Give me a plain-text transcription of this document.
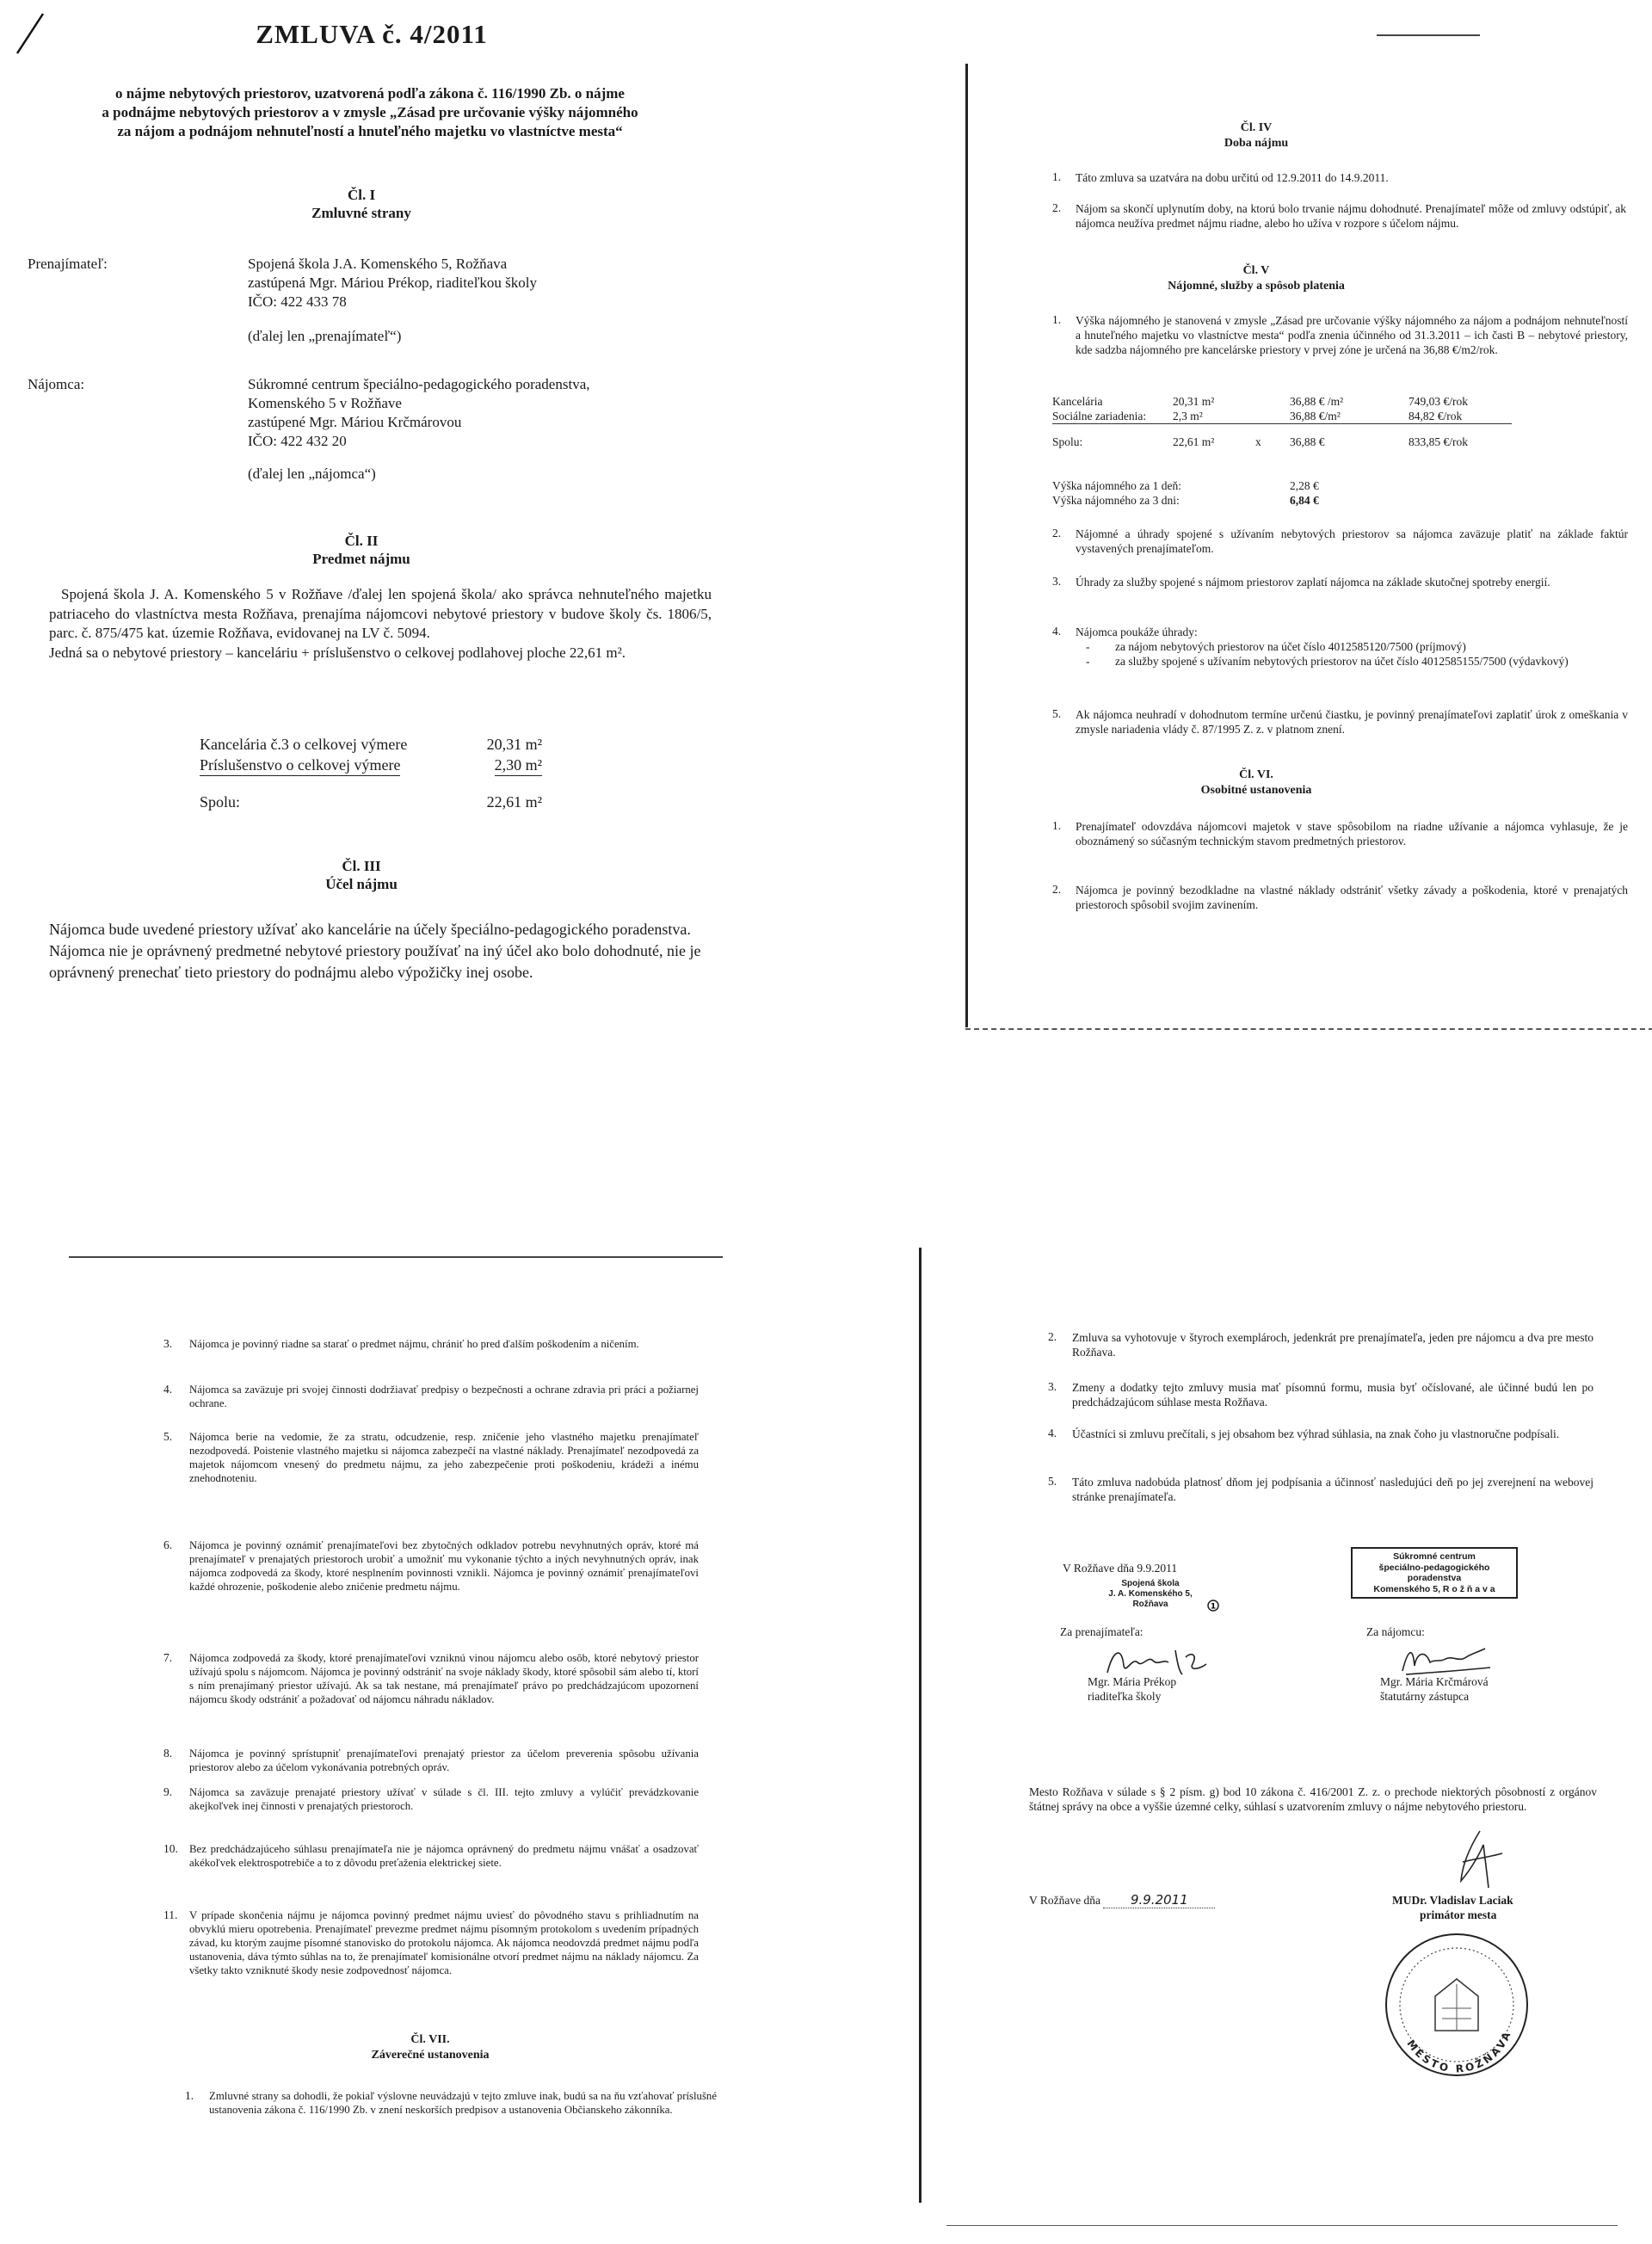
ZMLUVA č. 4/2011
o nájme nebytových priestorov, uzatvorená podľa zákona č. 116/1990 Zb. o nájme
a podnájme nebytových priestorov a v zmysle „Zásad pre určovanie výšky nájomného
za nájom a podnájom nehnuteľností a hnuteľného majetku vo vlastníctve mesta“
Čl. I
Zmluvné strany
Prenajímateľ:	Spojená škola J.A. Komenského 5, Rožňava
zastúpená Mgr. Máriou Prékop, riaditeľkou školy
IČO: 422 433 78
(ďalej len „prenajímateľ“)
Nájomca:	Súkromné centrum špeciálno-pedagogického poradenstva,
Komenského 5 v Rožňave
zastúpené Mgr. Máriou Krčmárovou
IČO: 422 432 20
(ďalej len „nájomca“)
Čl. II
Predmet nájmu
Spojená škola J. A. Komenského 5 v Rožňave /ďalej len spojená škola/ ako správca nehnuteľného majetku patriaceho do vlastníctva mesta Rožňava, prenajíma nájomcovi nebytové priestory v budove školy čs. 1806/5, parc. č. 875/475 kat. územie Rožňava, evidovanej na LV č. 5094.
Jedná sa o nebytové priestory – kanceláriu + príslušenstvo o celkovej podlahovej ploche 22,61 m².
Kancelária č.3 o celkovej výmere	20,31 m²
Príslušenstvo o celkovej výmere	2,30 m²
Spolu:	22,61 m²
Čl. III
Účel nájmu
Nájomca bude uvedené priestory užívať ako kancelárie na účely špeciálno-pedagogického poradenstva.
Nájomca nie je oprávnený predmetné nebytové priestory používať na iný účel ako bolo dohodnuté, nie je oprávnený prenechať tieto priestory do podnájmu alebo výpožičky inej osobe.
Čl. IV
Doba nájmu
1. Táto zmluva sa uzatvára na dobu určitú od 12.9.2011 do 14.9.2011.
2. Nájom sa skončí uplynutím doby, na ktorú bolo trvanie nájmu dohodnuté. Prenajímateľ môže od zmluvy odstúpiť, ak nájomca neužíva predmet nájmu riadne, alebo ho užíva v rozpore s účelom nájmu.
Čl. V
Nájomné, služby a spôsob platenia
1. Výška nájomného je stanovená v zmysle „Zásad pre určovanie výšky nájomného za nájom a podnájom nehnuteľností a hnuteľného majetku vo vlastníctve mesta“ podľa znenia účinného od 31.3.2011 – ich časti B – nebytové priestory, kde sadzba nájomného pre kancelárske priestory v prvej zóne je určená na 36,88 €/m2/rok.
Kancelária	20,31 m²		36,88 € /m²	749,03 €/rok
Sociálne zariadenia:	2,3 m²		36,88 €/m²	84,82 €/rok
Spolu:	22,61 m²	x	36,88 €	833,85 €/rok
Výška nájomného za 1 deň:	2,28 €
Výška nájomného za 3 dni:	6,84 €
2. Nájomné a úhrady spojené s užívaním nebytových priestorov sa nájomca zaväzuje platiť na základe faktúr vystavených prenajímateľom.
3. Úhrady za služby spojené s nájmom priestorov zaplatí nájomca na základe skutočnej spotreby energií.
4. Nájomca poukáže úhrady:
-	za nájom nebytových priestorov na účet číslo 4012585120/7500 (príjmový)
-	za služby spojené s užívaním nebytových priestorov na účet číslo 4012585155/7500 (výdavkový)
5. Ak nájomca neuhradí v dohodnutom termíne určenú čiastku, je povinný prenajímateľovi zaplatiť úrok z omeškania v zmysle nariadenia vlády č. 87/1995 Z. z. v platnom znení.
Čl. VI.
Osobitné ustanovenia
1. Prenajímateľ odovzdáva nájomcovi majetok v stave spôsobilom na riadne užívanie a nájomca vyhlasuje, že je oboznámený so súčasným technickým stavom predmetných priestorov.
2. Nájomca je povinný bezodkladne na vlastné náklady odstrániť všetky závady a poškodenia, ktoré v prenajatých priestoroch spôsobil svojim zavinením.
3. Nájomca je povinný riadne sa starať o predmet nájmu, chrániť ho pred ďalším poškodením a ničením.
4. Nájomca sa zaväzuje pri svojej činnosti dodržiavať predpisy o bezpečnosti a ochrane zdravia pri práci a požiarnej ochrane.
5. Nájomca berie na vedomie, že za stratu, odcudzenie, resp. zničenie jeho vlastného majetku prenajímateľ nezodpovedá. Poistenie vlastného majetku si nájomca zabezpečí na vlastné náklady. Prenajímateľ nezodpovedá za majetok nájomcom vnesený do predmetu nájmu, za jeho zabezpečenie proti poškodeniu, krádeži a inému znehodnoteniu.
6. Nájomca je povinný oznámiť prenajímateľovi bez zbytočných odkladov potrebu nevyhnutných opráv, ktoré má prenajímateľ v prenajatých priestoroch urobiť a umožniť mu vykonanie týchto a iných nevyhnutných opráv, inak nájomca zodpovedá za škody, ktoré nesplnením povinnosti vznikli. Nájomca je povinný oznámiť prenajímateľovi každé ohrozenie, poškodenie alebo zničenie predmetu nájmu.
7. Nájomca zodpovedá za škody, ktoré prenajímateľovi vzniknú vinou nájomcu alebo osôb, ktoré nebytový priestor užívajú spolu s nájomcom. Nájomca je povinný odstrániť na svoje náklady škody, ktoré spôsobil sám alebo tí, ktorí s ním prenajímaný priestor užívajú. Ak sa tak nestane, má prenajímateľ právo po predchádzajúcom upozornení nájomcu škody odstrániť a požadovať od nájomcu náhradu nákladov.
8. Nájomca je povinný sprístupniť prenajímateľovi prenajatý priestor za účelom preverenia spôsobu užívania priestorov alebo za účelom vykonávania potrebných opráv.
9. Nájomca sa zaväzuje prenajaté priestory užívať v súlade s čl. III. tejto zmluvy a vylúčiť prevádzkovanie akejkoľvek inej činnosti v prenajatých priestoroch.
10. Bez predchádzajúceho súhlasu prenajímateľa nie je nájomca oprávnený do predmetu nájmu vnášať a osadzovať akékoľvek elektrospotrebiče a to z dôvodu preťaženia elektrickej siete.
11. V prípade skončenia nájmu je nájomca povinný predmet nájmu uviesť do pôvodného stavu s prihliadnutím na obvyklú mieru opotrebenia. Prenajímateľ prevezme predmet nájmu písomným protokolom s uvedením prípadných závad, ku ktorým zaujme písomné stanovisko do protokolu nájomca. Ak nájomca neodovzdá predmet nájmu podľa ustanovenia, dáva týmto súhlas na to, že prenajímateľ komisionálne otvorí predmet nájmu na náklady nájomcu. Za všetky takto vzniknuté škody nesie zodpovednosť nájomca.
Čl. VII.
Záverečné ustanovenia
1. Zmluvné strany sa dohodli, že pokiaľ výslovne neuvádzajú v tejto zmluve inak, budú sa na ňu vzťahovať príslušné ustanovenia zákona č. 116/1990 Zb. v znení neskorších predpisov a ustanovenia Občianskeho zákonníka.
2. Zmluva sa vyhotovuje v štyroch exemplároch, jedenkrát pre prenajímateľa, jeden pre nájomcu a dva pre mesto Rožňava.
3. Zmeny a dodatky tejto zmluvy musia mať písomnú formu, musia byť očíslované, ale účinné budú len po predchádzajúcom súhlase mesta Rožňava.
4. Účastníci si zmluvu prečítali, s jej obsahom bez výhrad súhlasia, na znak čoho ju vlastnoručne podpísali.
5. Táto zmluva nadobúda platnosť dňom jej podpísania a účinnosť nasledujúci deň po jej zverejnení na webovej stránke prenajímateľa.
V Rožňave dňa 9.9.2011
Spojená škola
J. A. Komenského 5,
Rožňava	1
Súkromné centrum
špeciálno-pedagogického
poradenstva
Komenského 5, R o ž ň a v a
Za prenajímateľa:	Za nájomcu:
Mgr. Mária Prékop
riaditeľka školy
Mgr. Mária Krčmárová
štatutárny zástupca
Mesto Rožňava v súlade s § 2 písm. g) bod 10 zákona č. 416/2001 Z. z. o prechode niektorých pôsobností z orgánov štátnej správy na obce a vyššie územné celky, súhlasí s uzatvorením zmluvy o nájme nebytového priestoru.
V Rožňave dňa 9.9.2011	MUDr. Vladislav Laciak
primátor mesta
MESTO ROŽŇAVA
